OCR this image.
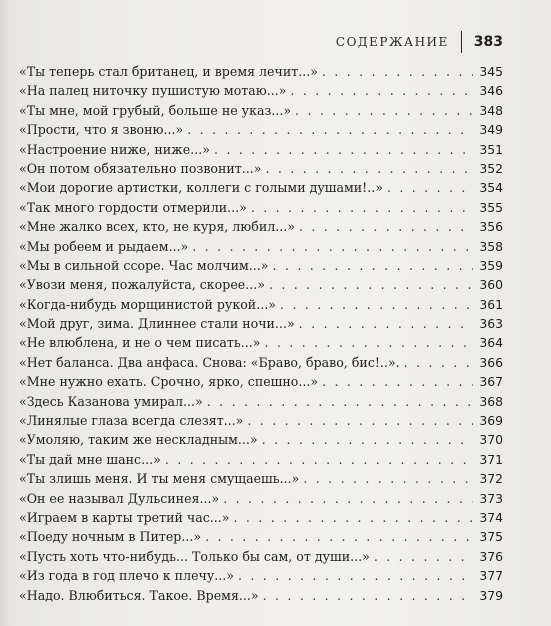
СОДЕРЖАНИЕ 383
«Ты теперь стал британец, и время лечит...» . . .	345
«На палец ниточку пушистую мотаю...» . . .	346
«Ты мне, мой грубый, больше не указ...» . . .	348
«Прости, что я звоню...» . . .	349
«Настроение ниже, ниже...» . . .	351
«Он потом обязательно позвонит...» . . .	352
«Мои дорогие артистки, коллеги с голыми душами!..» . . .	354
«Так много гордости отмерили...» . . .	355
«Мне жалко всех, кто, не куря, любил...» . . .	356
«Мы робеем и рыдаем...» . . .	358
«Мы в сильной ссоре. Час молчим...» . . .	359
«Увози меня, пожалуйста, скорее...» . . .	360
«Когда-нибудь морщинистой рукой...» . . .	361
«Мой друг, зима. Длиннее стали ночи...» . . .	363
«Не влюблена, и не о чем писать...» . . .	364
«Нет баланса. Два анфаса. Снова: «Браво, браво, бис!..». . . .	366
«Мне нужно ехать. Срочно, ярко, спешно...» . . .	367
«Здесь Казанова умирал...» . . .	368
«Линялые глаза всегда слезят...» . . .	369
«Умоляю, таким же нескладным...» . . .	370
«Ты дай мне шанс...» . . .	371
«Ты злишь меня. И ты меня смущаешь...» . . .	372
«Он ее называл Дульсинея...» . . .	373
«Играем в карты третий час...» . . .	374
«Поеду ночным в Питер...» . . .	375
«Пусть хоть что-нибудь... Только бы сам, от души...» . . .	376
«Из года в год плечо к плечу...» . . .	377
«Надо. Влюбиться. Такое. Время...» . . .	379
